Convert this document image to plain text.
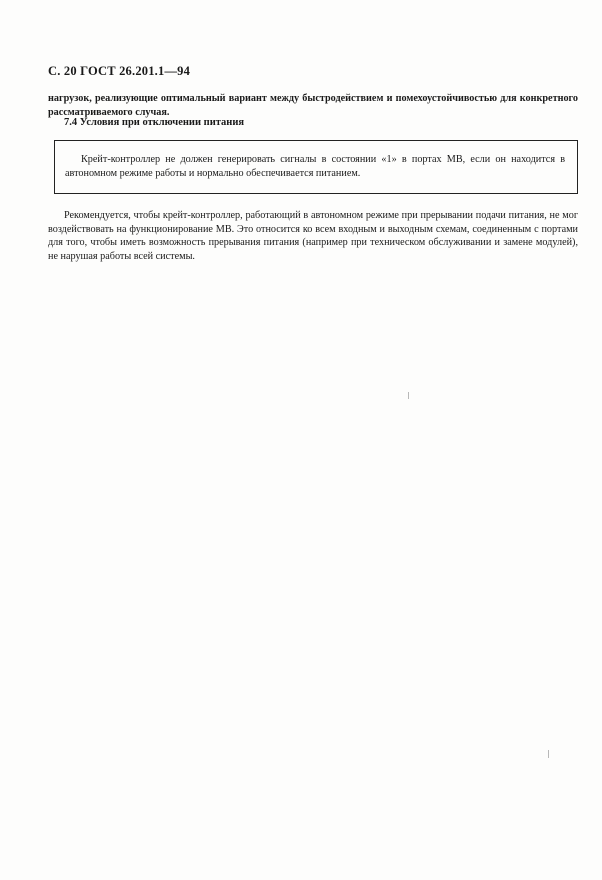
С. 20 ГОСТ 26.201.1—94
нагрузок, реализующие оптимальный вариант между быстродействием и помехоустойчивостью для конкретного рассматриваемого случая.
7.4 Условия при отключении питания
Крейт-контроллер не должен генерировать сигналы в состоянии «1» в портах МВ, если он находится в автономном режиме работы и нормально обеспечивается питанием.
Рекомендуется, чтобы крейт-контроллер, работающий в автономном режиме при прерывании подачи питания, не мог воздействовать на функционирование МВ. Это относится ко всем входным и выходным схемам, соединенным с портами для того, чтобы иметь возможность прерывания питания (например при техническом обслуживании и замене модулей), не нарушая работы всей системы.
